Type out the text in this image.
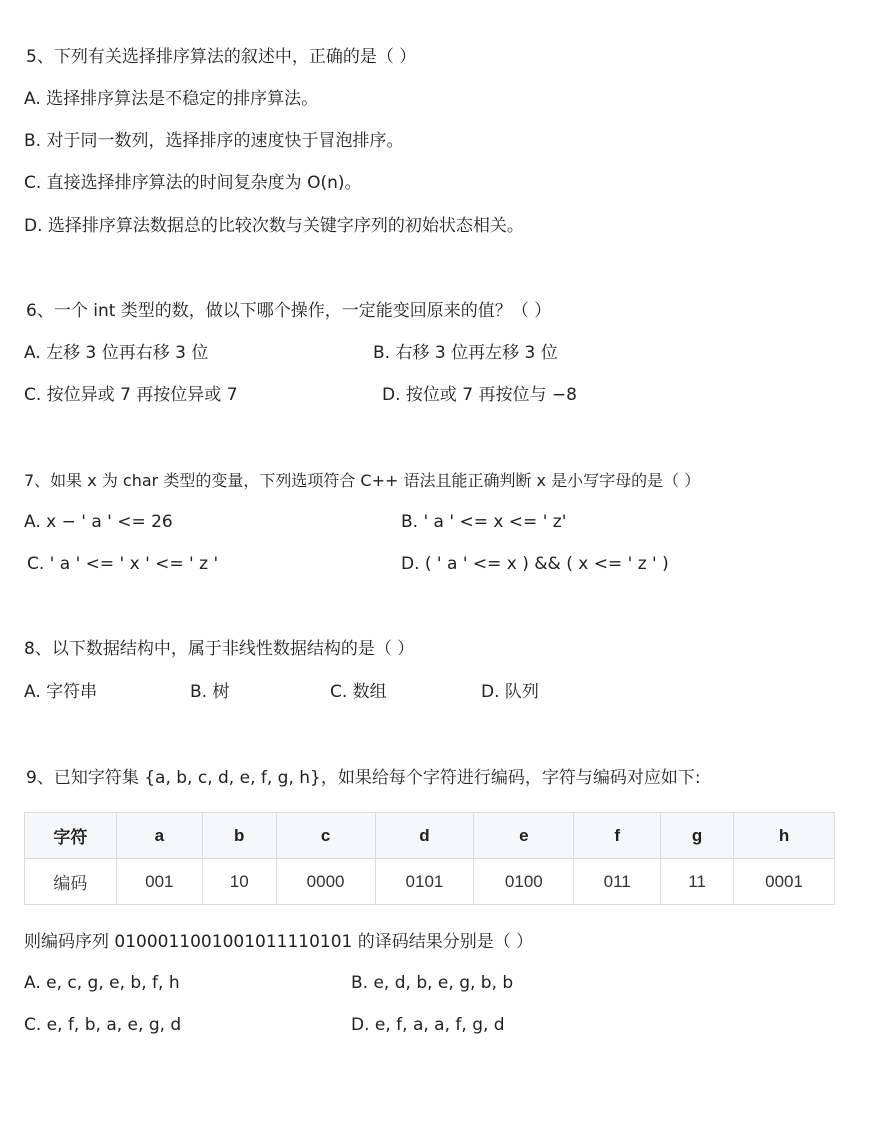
5、下列有关选择排序算法的叙述中，正确的是（ ）
A. 选择排序算法是不稳定的排序算法。
B. 对于同一数列，选择排序的速度快于冒泡排序。
C. 直接选择排序算法的时间复杂度为 O(n)。
D. 选择排序算法数据总的比较次数与关键字序列的初始状态相关。
6、一个 int 类型的数，做以下哪个操作，一定能变回原来的值？（ ）
A. 左移 3 位再右移 3 位	B. 右移 3 位再左移 3 位
C. 按位异或 7 再按位异或 7	D. 按位或 7 再按位与 −8
7、如果 x 为 char 类型的变量，下列选项符合 C++ 语法且能正确判断 x 是小写字母的是（ ）
A. x − ' a ' <= 26	B. ' a ' <= x <= ' z'
C. ' a ' <= ' x ' <= ' z '	D. ( ' a ' <= x ) && ( x <= ' z ' )
8、以下数据结构中，属于非线性数据结构的是（ ）
A. 字符串	B. 树	C. 数组	D. 队列
9、已知字符集 {a, b, c, d, e, f, g, h}，如果给每个字符进行编码，字符与编码对应如下:
字符	a	b	c	d	e	f	g	h
编码	001	10	0000	0101	0100	011	11	0001
则编码序列 0100011001001011110101 的译码结果分别是（ ）
A. e, c, g, e, b, f, h	B. e, d, b, e, g, b, b
C. e, f, b, a, e, g, d	D. e, f, a, a, f, g, d
